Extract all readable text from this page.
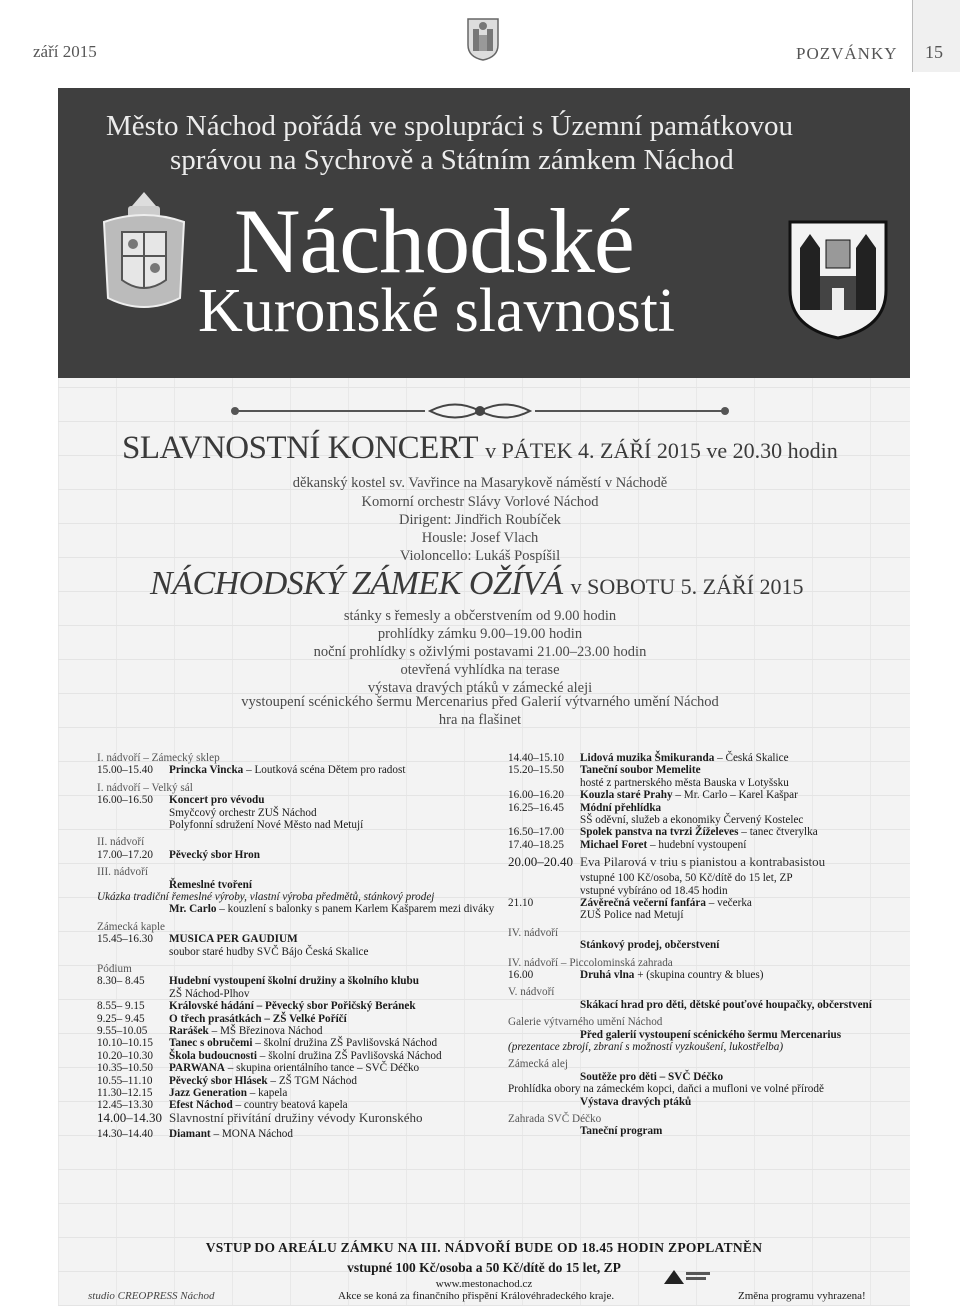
září 2015	POZVÁNKY 15
Město Náchod pořádá ve spolupráci s Územní památkovou
správou na Sychrově a Státním zámkem Náchod
Náchodské
Kuronské slavnosti
SLAVNOSTNÍ KONCERT v PÁTEK 4. ZÁŘÍ 2015 ve 20.30 hodin
děkanský kostel sv. Vavřince na Masarykově náměstí v Náchodě
Komorní orchestr Slávy Vorlové Náchod
Dirigent: Jindřich Roubíček
Housle: Josef Vlach
Violoncello: Lukáš Pospíšil
NÁCHODSKÝ ZÁMEK OŽÍVÁ v SOBOTU 5. ZÁŘÍ 2015
stánky s řemesly a občerstvením od 9.00 hodin
prohlídky zámku 9.00–19.00 hodin
noční prohlídky s oživlými postavami 21.00–23.00 hodin
otevřená vyhlídka na terase
výstava dravých ptáků v zámecké aleji
vystoupení scénického šermu Mercenarius před Galerií výtvarného umění Náchod
hra na flašinet
I. nádvoří – Zámecký sklep
15.00–15.40 Princka Vincka – Loutková scéna Dětem pro radost
I. nádvoří – Velký sál
16.00–16.50 Koncert pro vévodu
Smyčcový orchestr ZUŠ Náchod
Polyfonní sdružení Nové Město nad Metují
II. nádvoří
17.00–17.20 Pěvecký sbor Hron
III. nádvoří
Řemeslné tvoření
Ukázka tradiční řemeslné výroby, vlastní výroba předmětů, stánkový prodej
Mr. Carlo – kouzlení s balonky s panem Karlem Kašparem mezi diváky
Zámecká kaple
15.45–16.30 MUSICA PER GAUDIUM
soubor staré hudby SVČ Bájo Česká Skalice
Pódium
8.30– 8.45 Hudební vystoupení školní družiny a školního klubu
ZŠ Náchod-Plhov
8.55– 9.15 Královské hádání – Pěvecký sbor Pořičský Beránek
9.25– 9.45 O třech prasátkách – ZŠ Velké Poříčí
9.55–10.05 Rarášek – MŠ Březinova Náchod
10.10–10.15 Tanec s obručemi – školní družina ZŠ Pavlišovská Náchod
10.20–10.30 Škola budoucnosti – školní družina ZŠ Pavlišovská Náchod
10.35–10.50 PARWANA – skupina orientálního tance – SVČ Déčko
10.55–11.10 Pěvecký sbor Hlásek – ZŠ TGM Náchod
11.30–12.15 Jazz Generation – kapela
12.45–13.30 Efest Náchod – country beatová kapela
14.00–14.30 Slavnostní přivítání družiny vévody Kuronského
14.30–14.40 Diamant – MONA Náchod
14.40–15.10 Lidová muzika Šmikuranda – Česká Skalice
15.20–15.50 Taneční soubor Memelite
hosté z partnerského města Bauska v Lotyšsku
16.00–16.20 Kouzla staré Prahy – Mr. Carlo – Karel Kašpar
16.25–16.45 Módní přehlídka
SŠ oděvní, služeb a ekonomiky Červený Kostelec
16.50–17.00 Spolek panstva na tvrzi Žíželeves – tanec čtverylka
17.40–18.25 Michael Foret – hudební vystoupení
20.00–20.40 Eva Pilarová v triu s pianistou a kontrabasistou
vstupné 100 Kč/osoba, 50 Kč/dítě do 15 let, ZP
vstupné vybíráno od 18.45 hodin
21.10	Závěrečná večerní fanfára – večerka
ZUŠ Police nad Metují
IV. nádvoří
Stánkový prodej, občerstvení
IV. nádvoří – Piccolominská zahrada
16.00	Druhá vlna + (skupina country & blues)
V. nádvoří
Skákací hrad pro děti, dětské pouťové houpačky, občerstvení
Galerie výtvarného umění Náchod
Před galerií vystoupení scénického šermu Mercenarius
(prezentace zbrojí, zbraní s možností vyzkoušení, lukostřelba)
Zámecká alej
Soutěže pro děti – SVČ Déčko
Prohlídka obory na zámeckém kopci, daňci a mufloni ve volné přírodě
Výstava dravých ptáků
Zahrada SVČ Déčko
Taneční program
VSTUP DO AREÁLU ZÁMKU NA III. NÁDVOŘÍ BUDE OD 18.45 HODIN ZPOPLATNĚN
vstupné 100 Kč/osoba a 50 Kč/dítě do 15 let, ZP
www.mestonachod.cz
studio CREOPRESS Náchod	Akce se koná za finančního přispění Královéhradeckého kraje.	Změna programu vyhrazena!
